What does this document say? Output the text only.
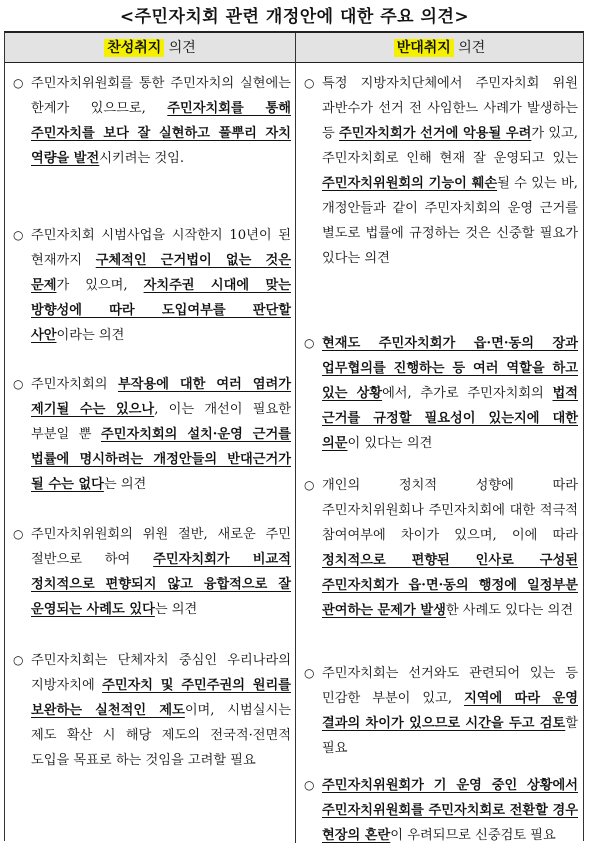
<주민자치회 관련 개정안에 대한 주요 의견>
찬성취지 의견	반대취지 의견
○ 주민자치위원회를 통한 주민자치의 실현에는 한계가 있으므로, 주민자치회를 통해 주민자치를 보다 잘 실현하고 풀뿌리 자치 역량을 발전시키려는 것임.
○ 주민자치회 시범사업을 시작한지 10년이 된 현재까지 구체적인 근거법이 없는 것은 문제가 있으며, 자치주권 시대에 맞는 방향성에 따라 도입여부를 판단할 사안이라는 의견
○ 주민자치회의 부작용에 대한 여러 염려가 제기될 수는 있으나, 이는 개선이 필요한 부분일 뿐 주민자치회의 설치·운영 근거를 법률에 명시하려는 개정안들의 반대근거가 될 수는 없다는 의견
○ 주민자치위원회의 위원 절반, 새로운 주민 절반으로 하여 주민자치회가 비교적 정치적으로 편향되지 않고 융합적으로 잘 운영되는 사례도 있다는 의견
○ 주민자치회는 단체자치 중심인 우리나라의 지방자치에 주민자치 및 주민주권의 원리를 보완하는 실천적인 제도이며, 시범실시는 제도 확산 시 해당 제도의 전국적·전면적 도입을 목표로 하는 것임을 고려할 필요
○ 특정 지방자치단체에서 주민자치회 위원 과반수가 선거 전 사임한느 사례가 발생하는 등 주민자치회가 선거에 악용될 우려가 있고, 주민자치회로 인해 현재 잘 운영되고 있는 주민자치위원회의 기능이 훼손될 수 있는 바, 개정안들과 같이 주민자치회의 운영 근거를 별도로 법률에 규정하는 것은 신중할 필요가 있다는 의견
○ 현재도 주민자치회가 읍·면·동의 장과 업무협의를 진행하는 등 여러 역할을 하고 있는 상황에서, 추가로 주민자치회의 법적 근거를 규정할 필요성이 있는지에 대한 의문이 있다는 의견
○ 개인의 정치적 성향에 따라 주민자치위원회나 주민자치회에 대한 적극적 참여여부에 차이가 있으며, 이에 따라 정치적으로 편향된 인사로 구성된 주민자치회가 읍·면·동의 행정에 일정부분 관여하는 문제가 발생한 사례도 있다는 의견
○ 주민자치회는 선거와도 관련되어 있는 등 민감한 부분이 있고, 지역에 따라 운영 결과의 차이가 있으므로 시간을 두고 검토할 필요
○ 주민자치위원회가 기 운영 중인 상황에서 주민자치위원회를 주민자치회로 전환할 경우 현장의 혼란이 우려되므로 신중검토 필요
